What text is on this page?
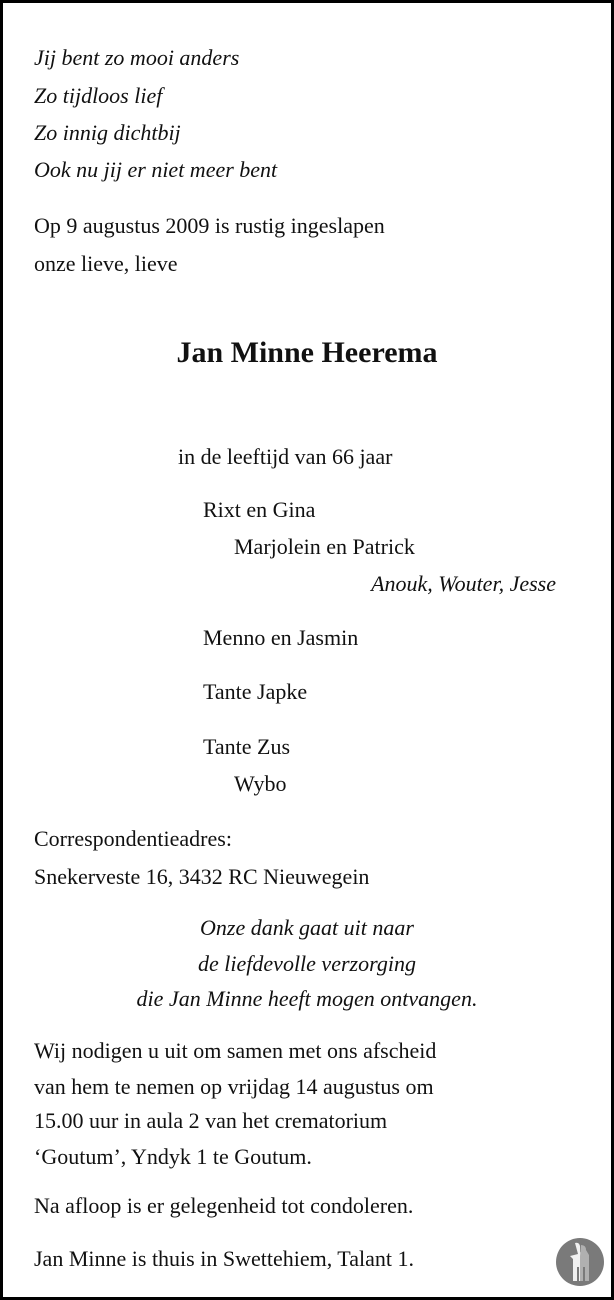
Jij bent zo mooi anders
Zo tijdloos lief
Zo innig dichtbij
Ook nu jij er niet meer bent
Op 9 augustus 2009 is rustig ingeslapen
onze lieve, lieve
Jan Minne Heerema
in de leeftijd van 66 jaar
Rixt en Gina
Marjolein en Patrick
Anouk, Wouter, Jesse
Menno en Jasmin
Tante Japke
Tante Zus
Wybo
Correspondentieadres:
Snekerveste 16, 3432 RC Nieuwegein
Onze dank gaat uit naar
de liefdevolle verzorging
die Jan Minne heeft mogen ontvangen.
Wij nodigen u uit om samen met ons afscheid
van hem te nemen op vrijdag 14 augustus om
15.00 uur in aula 2 van het crematorium
‘Goutum’, Yndyk 1 te Goutum.
Na afloop is er gelegenheid tot condoleren.
Jan Minne is thuis in Swettehiem, Talant 1.
